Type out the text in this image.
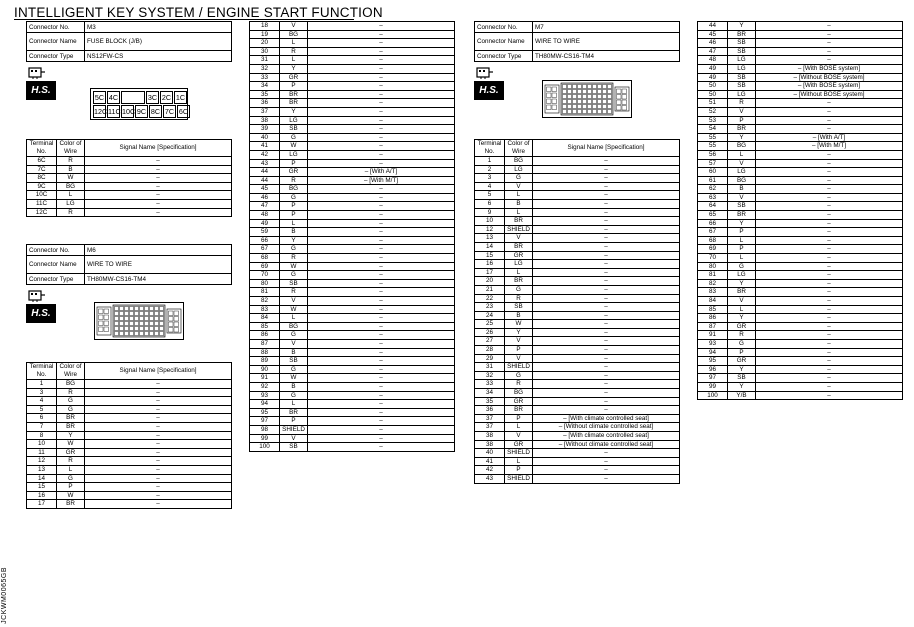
INTELLIGENT KEY SYSTEM / ENGINE START FUNCTION
JCKWM0065GB
Connector No.	M3
Connector Name	FUSE BLOCK (J/B)
Connector Type	NS12FW-CS
H.S.
5C 4C	3C 2C 1C
12C 11C 10C 9C 8C 7C 6C
Terminal No.	Color of Wire	Signal Name [Specification]
6C	R	–
7C	B	–
8C	W	–
9C	BG	–
10C	L	–
11C	LG	–
12C	R	–
Connector No.	M6
Connector Name	WIRE TO WIRE
Connector Type	TH80MW-CS16-TM4
H.S.
Terminal No.	Color of Wire	Signal Name [Specification]
1	BG	–
3	R	–
4	G	–
5	G	–
6	BR	–
7	BR	–
8	Y	–
10	W	–
11	GR	–
12	R	–
13	L	–
14	G	–
15	P	–
16	W	–
17	BR	–
18	V	–
19	BG	–
20	L	–
30	R	–
31	L	–
32	Y	–
33	GR	–
34	P	–
35	BR	–
36	BR	–
37	Y	–
38	LG	–
39	SB	–
40	G	–
41	W	–
42	LG	–
43	P	–
44	GR	– [With A/T]
44	R	– [With M/T]
45	BG	–
46	G	–
47	P	–
48	P	–
49	L	–
59	B	–
66	Y	–
67	G	–
68	R	–
69	W	–
70	G	–
80	SB	–
81	R	–
82	V	–
83	W	–
84	L	–
85	BG	–
86	G	–
87	V	–
88	B	–
89	SB	–
90	G	–
91	W	–
92	B	–
93	G	–
94	L	–
95	BR	–
97	P	–
98	SHIELD	–
99	V	–
100	SB	–
Connector No.	M7
Connector Name	WIRE TO WIRE
Connector Type	TH80MW-CS16-TM4
H.S.
Terminal No.	Color of Wire	Signal Name [Specification]
1	BG	–
2	LG	–
3	G	–
4	V	–
5	L	–
6	B	–
9	L	–
10	BR	–
12	SHIELD	–
13	V	–
14	BR	–
15	GR	–
16	LG	–
17	L	–
20	BR	–
21	G	–
22	R	–
23	SB	–
24	B	–
25	W	–
26	Y	–
27	V	–
28	P	–
29	V	–
31	SHIELD	–
32	G	–
33	R	–
34	BG	–
35	GR	–
36	BR	–
37	P	– [With climate controlled seat]
37	L	– [Without climate controlled seat]
38	V	– [With climate controlled seat]
38	GR	– [Without climate controlled seat]
40	SHIELD	–
41	L	–
42	P	–
43	SHIELD	–
44	Y	–
45	BR	–
46	SB	–
47	SB	–
48	LG	–
49	LG	– [With BOSE system]
49	SB	– [Without BOSE system]
50	SB	– [With BOSE system]
50	LG	– [Without BOSE system]
51	R	–
52	V	–
53	P	–
54	BR	–
55	Y	– [With A/T]
55	BG	– [With M/T]
56	L	–
57	V	–
60	LG	–
61	BG	–
62	B	–
63	V	–
64	SB	–
65	BR	–
66	Y	–
67	P	–
68	L	–
69	P	–
70	L	–
80	G	–
81	LG	–
82	Y	–
83	BR	–
84	V	–
85	L	–
86	Y	–
87	GR	–
91	R	–
93	G	–
94	P	–
95	GR	–
96	Y	–
97	SB	–
99	Y	–
100	Y/B	–
